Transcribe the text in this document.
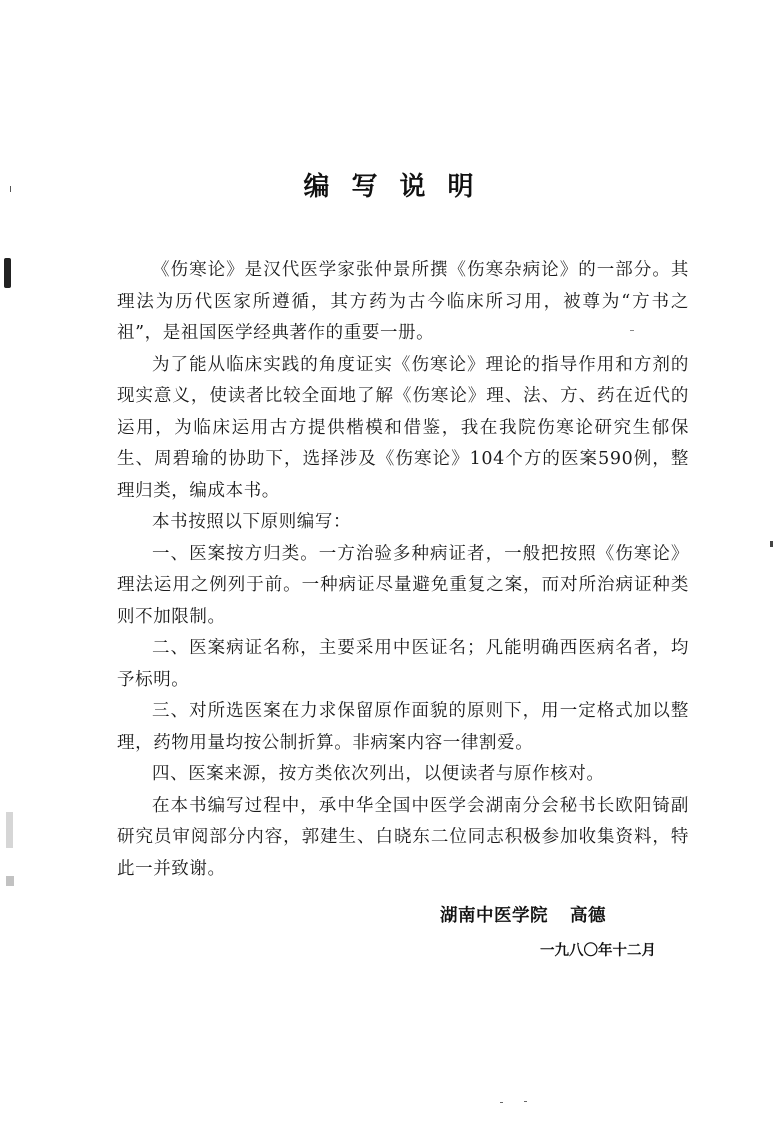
编写说明

《伤寒论》是汉代医学家张仲景所撰《伤寒杂病论》的一部分。其理法为历代医家所遵循，其方药为古今临床所习用，被尊为“方书之祖”，是祖国医学经典著作的重要一册。

为了能从临床实践的角度证实《伤寒论》理论的指导作用和方剂的现实意义，使读者比较全面地了解《伤寒论》理、法、方、药在近代的运用，为临床运用古方提供楷模和借鉴，我在我院伤寒论研究生郁保生、周碧瑜的协助下，选择涉及《伤寒论》104个方的医案590例，整理归类，编成本书。

本书按照以下原则编写：

一、医案按方归类。一方治验多种病证者，一般把按照《伤寒论》理法运用之例列于前。一种病证尽量避免重复之案，而对所治病证种类则不加限制。

二、医案病证名称，主要采用中医证名；凡能明确西医病名者，均予标明。

三、对所选医案在力求保留原作面貌的原则下，用一定格式加以整理，药物用量均按公制折算。非病案内容一律割爱。

四、医案来源，按方类依次列出，以便读者与原作核对。

在本书编写过程中，承中华全国中医学会湖南分会秘书长欧阳锜副研究员审阅部分内容，郭建生、白晓东二位同志积极参加收集资料，特此一并致谢。

湖南中医学院 高德
一九八〇年十二月
